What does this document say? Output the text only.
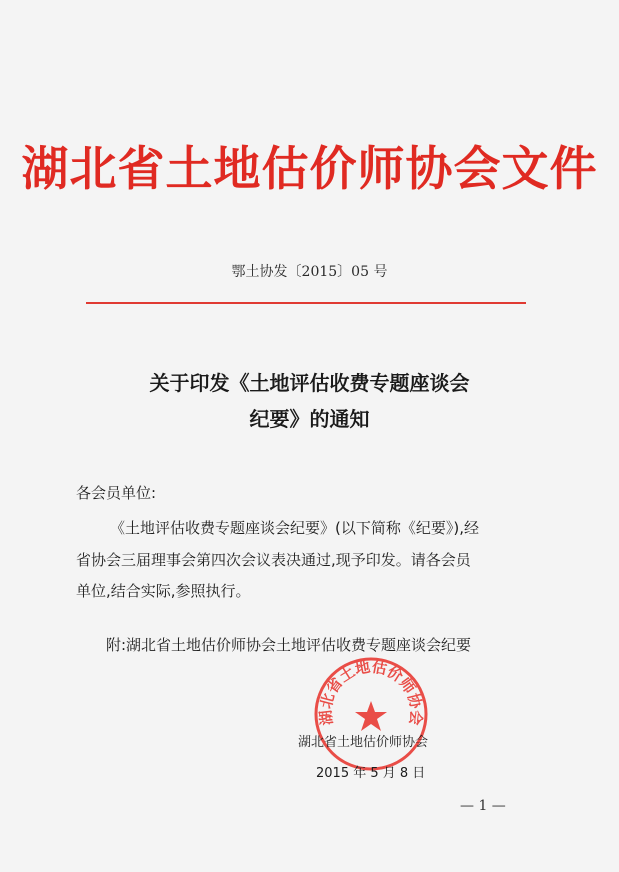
湖北省土地估价师协会文件
鄂土协发〔2015〕05 号
关于印发《土地评估收费专题座谈会
纪要》的通知
各会员单位:
《土地评估收费专题座谈会纪要》(以下简称《纪要》),经
省协会三届理事会第四次会议表决通过,现予印发。请各会员
单位,结合实际,参照执行。
附:湖北省土地估价师协会土地评估收费专题座谈会纪要
湖北省土地估价师协会
湖北省土地估价师协会
2015 年 5 月 8 日
— 1 —
